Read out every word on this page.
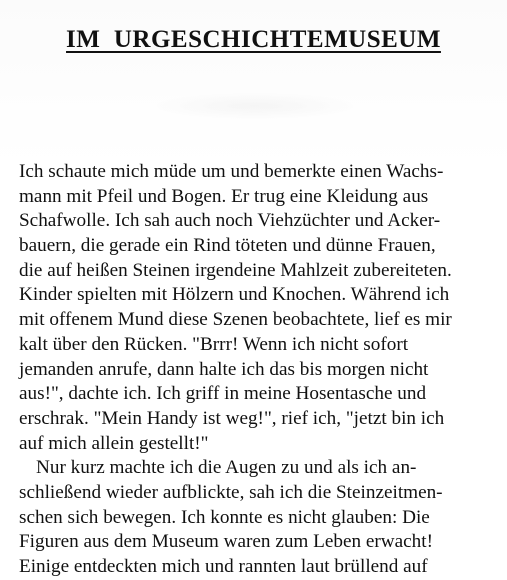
IM  URGESCHICHTEMUSEUM
Ich schaute mich müde um und bemerkte einen Wachs-
mann mit Pfeil und Bogen. Er trug eine Kleidung aus
Schafwolle. Ich sah auch noch Viehzüchter und Acker-
bauern, die gerade ein Rind töteten und dünne Frauen,
die auf heißen Steinen irgendeine Mahlzeit zubereiteten.
Kinder spielten mit Hölzern und Knochen. Während ich
mit offenem Mund diese Szenen beobachtete, lief es mir
kalt über den Rücken. "Brrr! Wenn ich nicht sofort
jemanden anrufe, dann halte ich das bis morgen nicht
aus!", dachte ich. Ich griff in meine Hosentasche und
erschrak. "Mein Handy ist weg!", rief ich, "jetzt bin ich
auf mich allein gestellt!"
Nur kurz machte ich die Augen zu und als ich an-
schließend wieder aufblickte, sah ich die Steinzeitmen-
schen sich bewegen. Ich konnte es nicht glauben: Die
Figuren aus dem Museum waren zum Leben erwacht!
Einige entdeckten mich und rannten laut brüllend auf
